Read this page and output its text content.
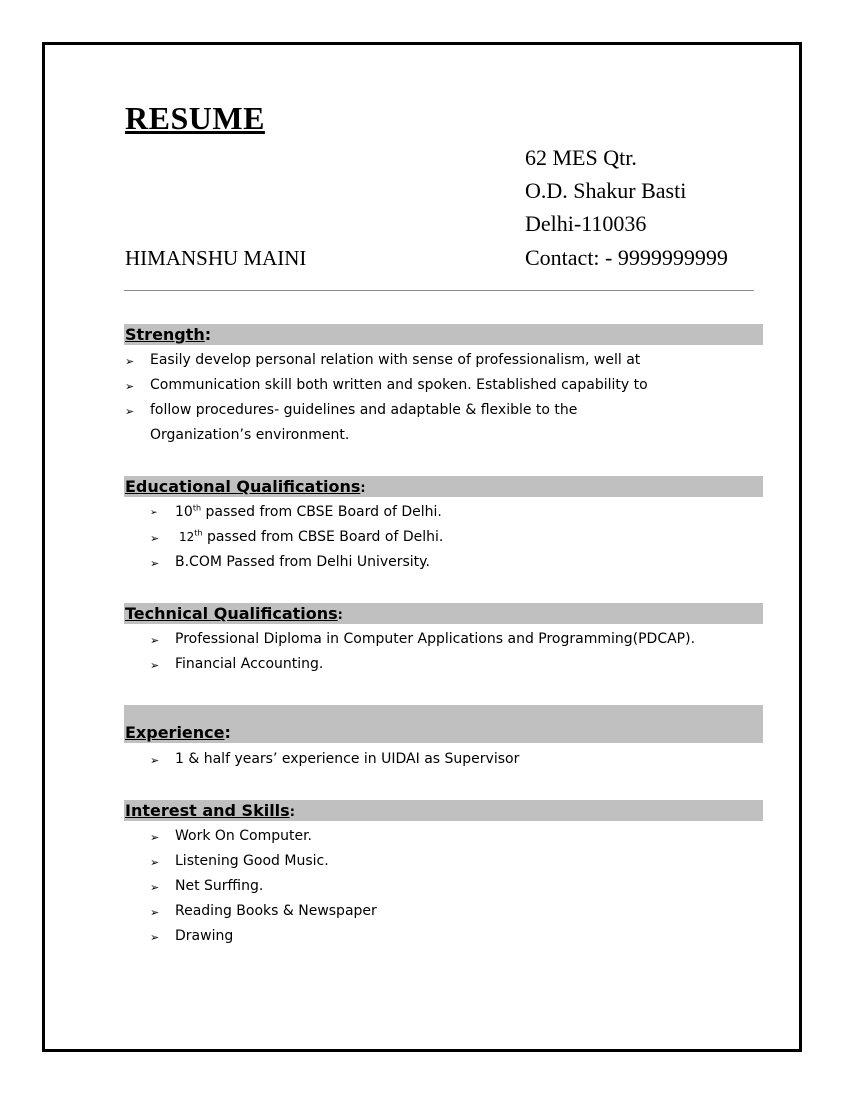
RESUME
62 MES Qtr.
O.D. Shakur Basti
Delhi-110036
Contact: - 9999999999
HIMANSHU MAINI
Strength:
➢ Easily develop personal relation with sense of professionalism, well at
➢ Communication skill both written and spoken. Established capability to
➢ follow procedures- guidelines and adaptable & flexible to the
Organization’s environment.
Educational Qualifications:
➢ 10th passed from CBSE Board of Delhi.
➢ 12th passed from CBSE Board of Delhi.
➢ B.COM Passed from Delhi University.
Technical Qualifications:
➢ Professional Diploma in Computer Applications and Programming(PDCAP).
➢ Financial Accounting.
Experience:
➢ 1 & half years’ experience in UIDAI as Supervisor
Interest and Skills:
➢ Work On Computer.
➢ Listening Good Music.
➢ Net Surffing.
➢ Reading Books & Newspaper
➢ Drawing
